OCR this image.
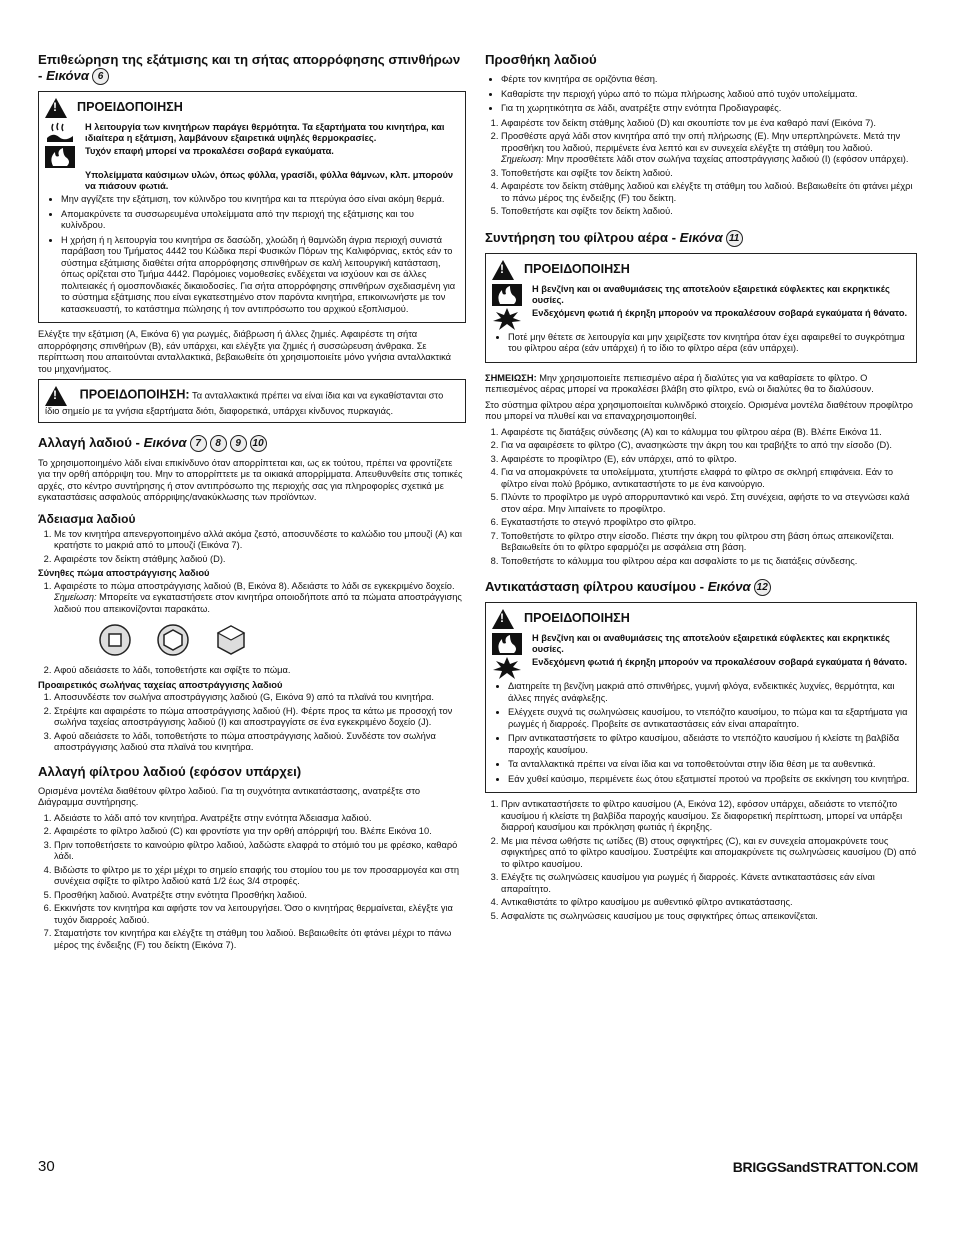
Επιθεώρηση της εξάτμισης και τη σήτας απορρόφησης σπινθήρων - Εικόνα 6
!
ΠΡΟΕΙΔΟΠΟΙΗΣΗ
Η λειτουργία των κινητήρων παράγει θερμότητα. Τα εξαρτήματα του κινητήρα, και ιδιαίτερα η εξάτμιση, λαμβάνουν εξαιρετικά υψηλές θερμοκρασίες.
Τυχόν επαφή μπορεί να προκαλέσει σοβαρά εγκαύματα.
Υπολείμματα καύσιμων υλών, όπως φύλλα, γρασίδι, φύλλα θάμνων, κλπ. μπορούν να πιάσουν φωτιά.
• Μην αγγίζετε την εξάτμιση, τον κύλινδρο του κινητήρα και τα πτερύγια όσο είναι ακόμη θερμά.
• Απομακρύνετε τα συσσωρευμένα υπολείμματα από την περιοχή της εξάτμισης και του κυλίνδρου.
• Η χρήση ή η λειτουργία του κινητήρα σε δασώδη, χλοώδη ή θαμνώδη άγρια περιοχή συνιστά παράβαση του Τμήματος 4442 του Κώδικα περί Φυσικών Πόρων της Καλιφόρνιας, εκτός εάν το σύστημα εξάτμισης διαθέτει σήτα απορρόφησης σπινθήρων σε καλή λειτουργική κατάσταση, όπως ορίζεται στο Τμήμα 4442. Παρόμοιες νομοθεσίες ενδέχεται να ισχύουν και σε άλλες πολιτειακές ή ομοσπονδιακές δικαιοδοσίες. Για σήτα απορρόφησης σπινθήρων σχεδιασμένη για το σύστημα εξάτμισης που είναι εγκατεστημένο στον παρόντα κινητήρα, επικοινωνήστε με τον κατασκευαστή, το κατάστημα πώλησης ή τον αντιπρόσωπο του αρχικού εξοπλισμού.

Ελέγξτε την εξάτμιση (A, Εικόνα 6) για ρωγμές, διάβρωση ή άλλες ζημιές. Αφαιρέστε τη σήτα απορρόφησης σπινθήρων (B), εάν υπάρχει, και ελέγξτε για ζημιές ή συσσώρευση άνθρακα. Σε περίπτωση που απαιτούνται ανταλλακτικά, βεβαιωθείτε ότι χρησιμοποιείτε μόνο γνήσια ανταλλακτικά του μηχανήματος.

! ΠΡΟΕΙΔΟΠΟΙΗΣΗ: Τα ανταλλακτικά πρέπει να είναι ίδια και να εγκαθίστανται στο ίδιο σημείο με τα γνήσια εξαρτήματα διότι, διαφορετικά, υπάρχει κίνδυνος πυρκαγιάς.
Αλλαγή λαδιού - Εικόνα 7 8 9 10

Το χρησιμοποιημένο λάδι είναι επικίνδυνο όταν απορρίπτεται και, ως εκ τούτου, πρέπει να φροντίζετε για την ορθή απόρριψη του. Μην το απορρίπτετε με τα οικιακά απορρίμματα. Απευθυνθείτε στις τοπικές αρχές, στο κέντρο συντήρησης ή στον αντιπρόσωπο της περιοχής σας για πληροφορίες σχετικά με εγκαταστάσεις ασφαλούς απόρριψης/ανακύκλωσης των προϊόντων.

Άδειασμα λαδιού
1. Με τον κινητήρα απενεργοποιημένο αλλά ακόμα ζεστό, αποσυνδέστε το καλώδιο του μπουζί (A) και κρατήστε το μακριά από το μπουζί (Εικόνα 7).
2. Αφαιρέστε τον δείκτη στάθμης λαδιού (D).
Σύνηθες πώμα αποστράγγισης λαδιού
1. Αφαιρέστε το πώμα αποστράγγισης λαδιού (B, Εικόνα 8). Αδειάστε το λάδι σε εγκεκριμένο δοχείο.
Σημείωση: Μπορείτε να εγκαταστήσετε στον κινητήρα οποιοδήποτε από τα πώματα αποστράγγισης λαδιού που απεικονίζονται παρακάτω.
2. Αφού αδειάσετε το λάδι, τοποθετήστε και σφίξτε το πώμα.
Προαιρετικός σωλήνας ταχείας αποστράγγισης λαδιού
1. Αποσυνδέστε τον σωλήνα αποστράγγισης λαδιού (G, Εικόνα 9) από τα πλαϊνά του κινητήρα.
2. Στρέψτε και αφαιρέστε το πώμα αποστράγγισης λαδιού (H). Φέρτε προς τα κάτω με προσοχή τον σωλήνα ταχείας αποστράγγισης λαδιού (I) και αποστραγγίστε σε ένα εγκεκριμένο δοχείο (J).
3. Αφού αδειάσετε το λάδι, τοποθετήστε το πώμα αποστράγγισης λαδιού. Συνδέστε τον σωλήνα αποστράγγισης λαδιού στα πλαϊνά του κινητήρα.
Αλλαγή φίλτρου λαδιού (εφόσον υπάρχει)

Ορισμένα μοντέλα διαθέτουν φίλτρο λαδιού. Για τη συχνότητα αντικατάστασης, ανατρέξτε στο Διάγραμμα συντήρησης.

1. Αδειάστε το λάδι από τον κινητήρα. Ανατρέξτε στην ενότητα Άδειασμα λαδιού.
2. Αφαιρέστε το φίλτρο λαδιού (C) και φροντίστε για την ορθή απόρριψή του. Βλέπε Εικόνα 10.
3. Πριν τοποθετήσετε το καινούριο φίλτρο λαδιού, λαδώστε ελαφρά το στόμιό του με φρέσκο, καθαρό λάδι.
4. Βιδώστε το φίλτρο με το χέρι μέχρι το σημείο επαφής του στομίου του με τον προσαρμογέα και στη συνέχεια σφίξτε το φίλτρο λαδιού κατά 1/2 έως 3/4 στροφές.
5. Προσθήκη λαδιού. Ανατρέξτε στην ενότητα Προσθήκη λαδιού.
6. Εκκινήστε τον κινητήρα και αφήστε τον να λειτουργήσει. Όσο ο κινητήρας θερμαίνεται, ελέγξτε για τυχόν διαρροές λαδιού.
7. Σταματήστε τον κινητήρα και ελέγξτε τη στάθμη του λαδιού. Βεβαιωθείτε ότι φτάνει μέχρι το πάνω μέρος της ένδειξης (F) του δείκτη (Εικόνα 7).
Προσθήκη λαδιού
• Φέρτε τον κινητήρα σε οριζόντια θέση.
• Καθαρίστε την περιοχή γύρω από το πώμα πλήρωσης λαδιού από τυχόν υπολείμματα.
• Για τη χωρητικότητα σε λάδι, ανατρέξτε στην ενότητα Προδιαγραφές.
1. Αφαιρέστε τον δείκτη στάθμης λαδιού (D) και σκουπίστε τον με ένα καθαρό πανί (Εικόνα 7).
2. Προσθέστε αργά λάδι στον κινητήρα από την οπή πλήρωσης (E). Μην υπερπληρώνετε. Μετά την προσθήκη του λαδιού, περιμένετε ένα λεπτό και εν συνεχεία ελέγξτε τη στάθμη του λαδιού.
Σημείωση: Μην προσθέτετε λάδι στον σωλήνα ταχείας αποστράγγισης λαδιού (I) (εφόσον υπάρχει).
3. Τοποθετήστε και σφίξτε τον δείκτη λαδιού.
4. Αφαιρέστε τον δείκτη στάθμης λαδιού και ελέγξτε τη στάθμη του λαδιού. Βεβαιωθείτε ότι φτάνει μέχρι το πάνω μέρος της ένδειξης (F) του δείκτη.
5. Τοποθετήστε και σφίξτε τον δείκτη λαδιού.
Συντήρηση του φίλτρου αέρα - Εικόνα 11
!
ΠΡΟΕΙΔΟΠΟΙΗΣΗ
Η βενζίνη και οι αναθυμιάσεις της αποτελούν εξαιρετικά εύφλεκτες και εκρηκτικές ουσίες.
Ενδεχόμενη φωτιά ή έκρηξη μπορούν να προκαλέσουν σοβαρά εγκαύματα ή θάνατο.
• Ποτέ μην θέτετε σε λειτουργία και μην χειρίζεστε τον κινητήρα όταν έχει αφαιρεθεί το συγκρότημα του φίλτρου αέρα (εάν υπάρχει) ή το ίδιο το φίλτρο αέρα (εάν υπάρχει).

ΣΗΜΕΙΩΣΗ: Μην χρησιμοποιείτε πεπιεσμένο αέρα ή διαλύτες για να καθαρίσετε το φίλτρο. Ο πεπιεσμένος αέρας μπορεί να προκαλέσει βλάβη στο φίλτρο, ενώ οι διαλύτες θα το διαλύσουν.

Στο σύστημα φίλτρου αέρα χρησιμοποιείται κυλινδρικό στοιχείο. Ορισμένα μοντέλα διαθέτουν προφίλτρο που μπορεί να πλυθεί και να επαναχρησιμοποιηθεί.

1. Αφαιρέστε τις διατάξεις σύνδεσης (A) και το κάλυμμα του φίλτρου αέρα (B). Βλέπε Εικόνα 11.
2. Για να αφαιρέσετε το φίλτρο (C), ανασηκώστε την άκρη του και τραβήξτε το από την είσοδο (D).
3. Αφαιρέστε το προφίλτρο (E), εάν υπάρχει, από το φίλτρο.
4. Για να απομακρύνετε τα υπολείμματα, χτυπήστε ελαφρά το φίλτρο σε σκληρή επιφάνεια. Εάν το φίλτρο είναι πολύ βρόμικο, αντικαταστήστε το με ένα καινούργιο.
5. Πλύντε το προφίλτρο με υγρό απορρυπαντικό και νερό. Στη συνέχεια, αφήστε το να στεγνώσει καλά στον αέρα. Μην λιπαίνετε το προφίλτρο.
6. Εγκαταστήστε το στεγνό προφίλτρο στο φίλτρο.
7. Τοποθετήστε το φίλτρο στην είσοδο. Πιέστε την άκρη του φίλτρου στη βάση όπως απεικονίζεται. Βεβαιωθείτε ότι το φίλτρο εφαρμόζει με ασφάλεια στη βάση.
8. Τοποθετήστε το κάλυμμα του φίλτρου αέρα και ασφαλίστε το με τις διατάξεις σύνδεσης.
Αντικατάσταση φίλτρου καυσίμου - Εικόνα 12
!
ΠΡΟΕΙΔΟΠΟΙΗΣΗ
Η βενζίνη και οι αναθυμιάσεις της αποτελούν εξαιρετικά εύφλεκτες και εκρηκτικές ουσίες.
Ενδεχόμενη φωτιά ή έκρηξη μπορούν να προκαλέσουν σοβαρά εγκαύματα ή θάνατο.
• Διατηρείτε τη βενζίνη μακριά από σπινθήρες, γυμνή φλόγα, ενδεικτικές λυχνίες, θερμότητα, και άλλες πηγές ανάφλεξης.
• Ελέγχετε συχνά τις σωληνώσεις καυσίμου, το ντεπόζιτο καυσίμου, το πώμα και τα εξαρτήματα για ρωγμές ή διαρροές. Προβείτε σε αντικαταστάσεις εάν είναι απαραίτητο.
• Πριν αντικαταστήσετε το φίλτρο καυσίμου, αδειάστε το ντεπόζιτο καυσίμου ή κλείστε τη βαλβίδα παροχής καυσίμου.
• Τα ανταλλακτικά πρέπει να είναι ίδια και να τοποθετούνται στην ίδια θέση με τα αυθεντικά.
• Εάν χυθεί καύσιμο, περιμένετε έως ότου εξατμιστεί προτού να προβείτε σε εκκίνηση του κινητήρα.
1. Πριν αντικαταστήσετε το φίλτρο καυσίμου (A, Εικόνα 12), εφόσον υπάρχει, αδειάστε το ντεπόζιτο καυσίμου ή κλείστε τη βαλβίδα παροχής καυσίμου. Σε διαφορετική περίπτωση, μπορεί να υπάρξει διαρροή καυσίμου και πρόκληση φωτιάς ή έκρηξης.
2. Με μια πένσα ωθήστε τις ωτίδες (B) στους σφιγκτήρες (C), και εν συνεχεία απομακρύνετε τους σφιγκτήρες από το φίλτρο καυσίμου. Συστρέψτε και απομακρύνετε τις σωληνώσεις καυσίμου (D) από το φίλτρο καυσίμου.
3. Ελέγξτε τις σωληνώσεις καυσίμου για ρωγμές ή διαρροές. Κάνετε αντικαταστάσεις εάν είναι απαραίτητο.
4. Αντικαθιστάτε το φίλτρο καυσίμου με αυθεντικό φίλτρο αντικατάστασης.
5. Ασφαλίστε τις σωληνώσεις καυσίμου με τους σφιγκτήρες όπως απεικονίζεται.
30	BRIGGSandSTRATTON.COM
